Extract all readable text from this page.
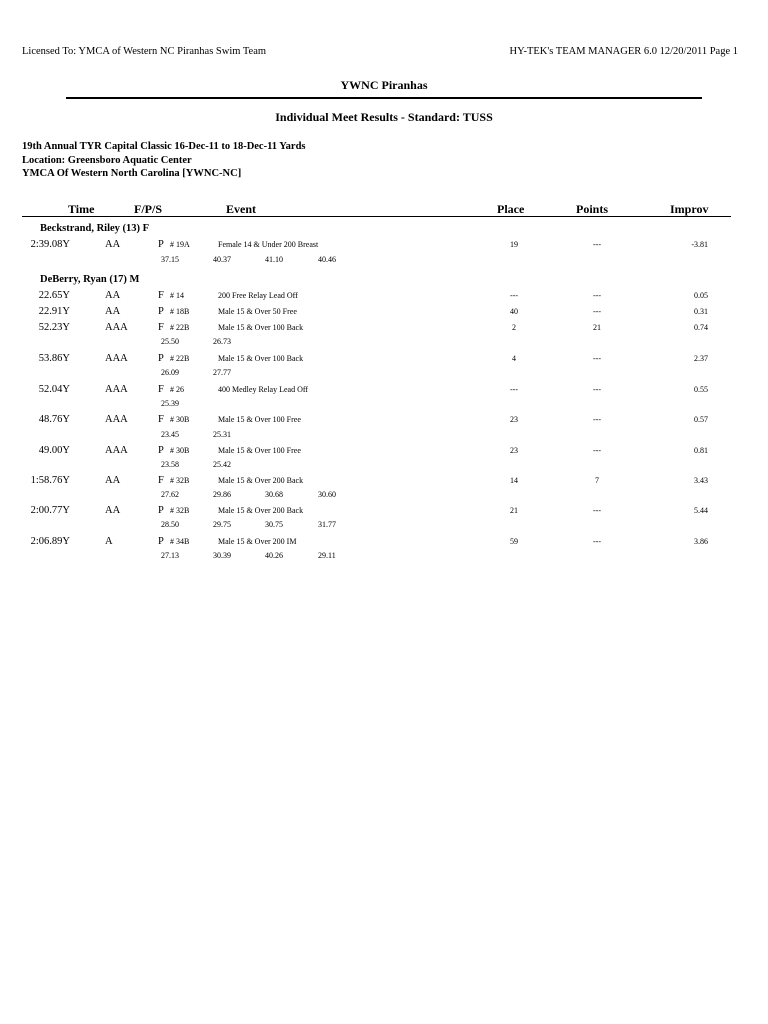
Licensed To: YMCA of Western NC Piranhas Swim Team	HY-TEK's TEAM MANAGER 6.0 12/20/2011 Page 1
YWNC Piranhas
Individual Meet Results - Standard: TUSS
19th Annual TYR Capital Classic 16-Dec-11 to 18-Dec-11 Yards
Location: Greensboro Aquatic Center
YMCA Of Western North Carolina [YWNC-NC]
Time	F/P/S	Event	Place	Points	Improv
Beckstrand, Riley (13) F
2:39.08Y	AA	P # 19A	Female 14 & Under 200 Breast	19	---	-3.81
37.15	40.37	41.10	40.46
DeBerry, Ryan (17) M
22.65Y	AA	F # 14	200 Free Relay Lead Off	---	---	0.05
22.91Y	AA	P # 18B	Male 15 & Over 50 Free	40	---	0.31
52.23Y	AAA	F # 22B	Male 15 & Over 100 Back	2	21	0.74
25.50	26.73
53.86Y	AAA	P # 22B	Male 15 & Over 100 Back	4	---	2.37
26.09	27.77
52.04Y	AAA	F # 26	400 Medley Relay Lead Off	---	---	0.55
25.39
48.76Y	AAA	F # 30B	Male 15 & Over 100 Free	23	---	0.57
23.45	25.31
49.00Y	AAA	P # 30B	Male 15 & Over 100 Free	23	---	0.81
23.58	25.42
1:58.76Y	AA	F # 32B	Male 15 & Over 200 Back	14	7	3.43
27.62	29.86	30.68	30.60
2:00.77Y	AA	P # 32B	Male 15 & Over 200 Back	21	---	5.44
28.50	29.75	30.75	31.77
2:06.89Y	A	P # 34B	Male 15 & Over 200 IM	59	---	3.86
27.13	30.39	40.26	29.11
